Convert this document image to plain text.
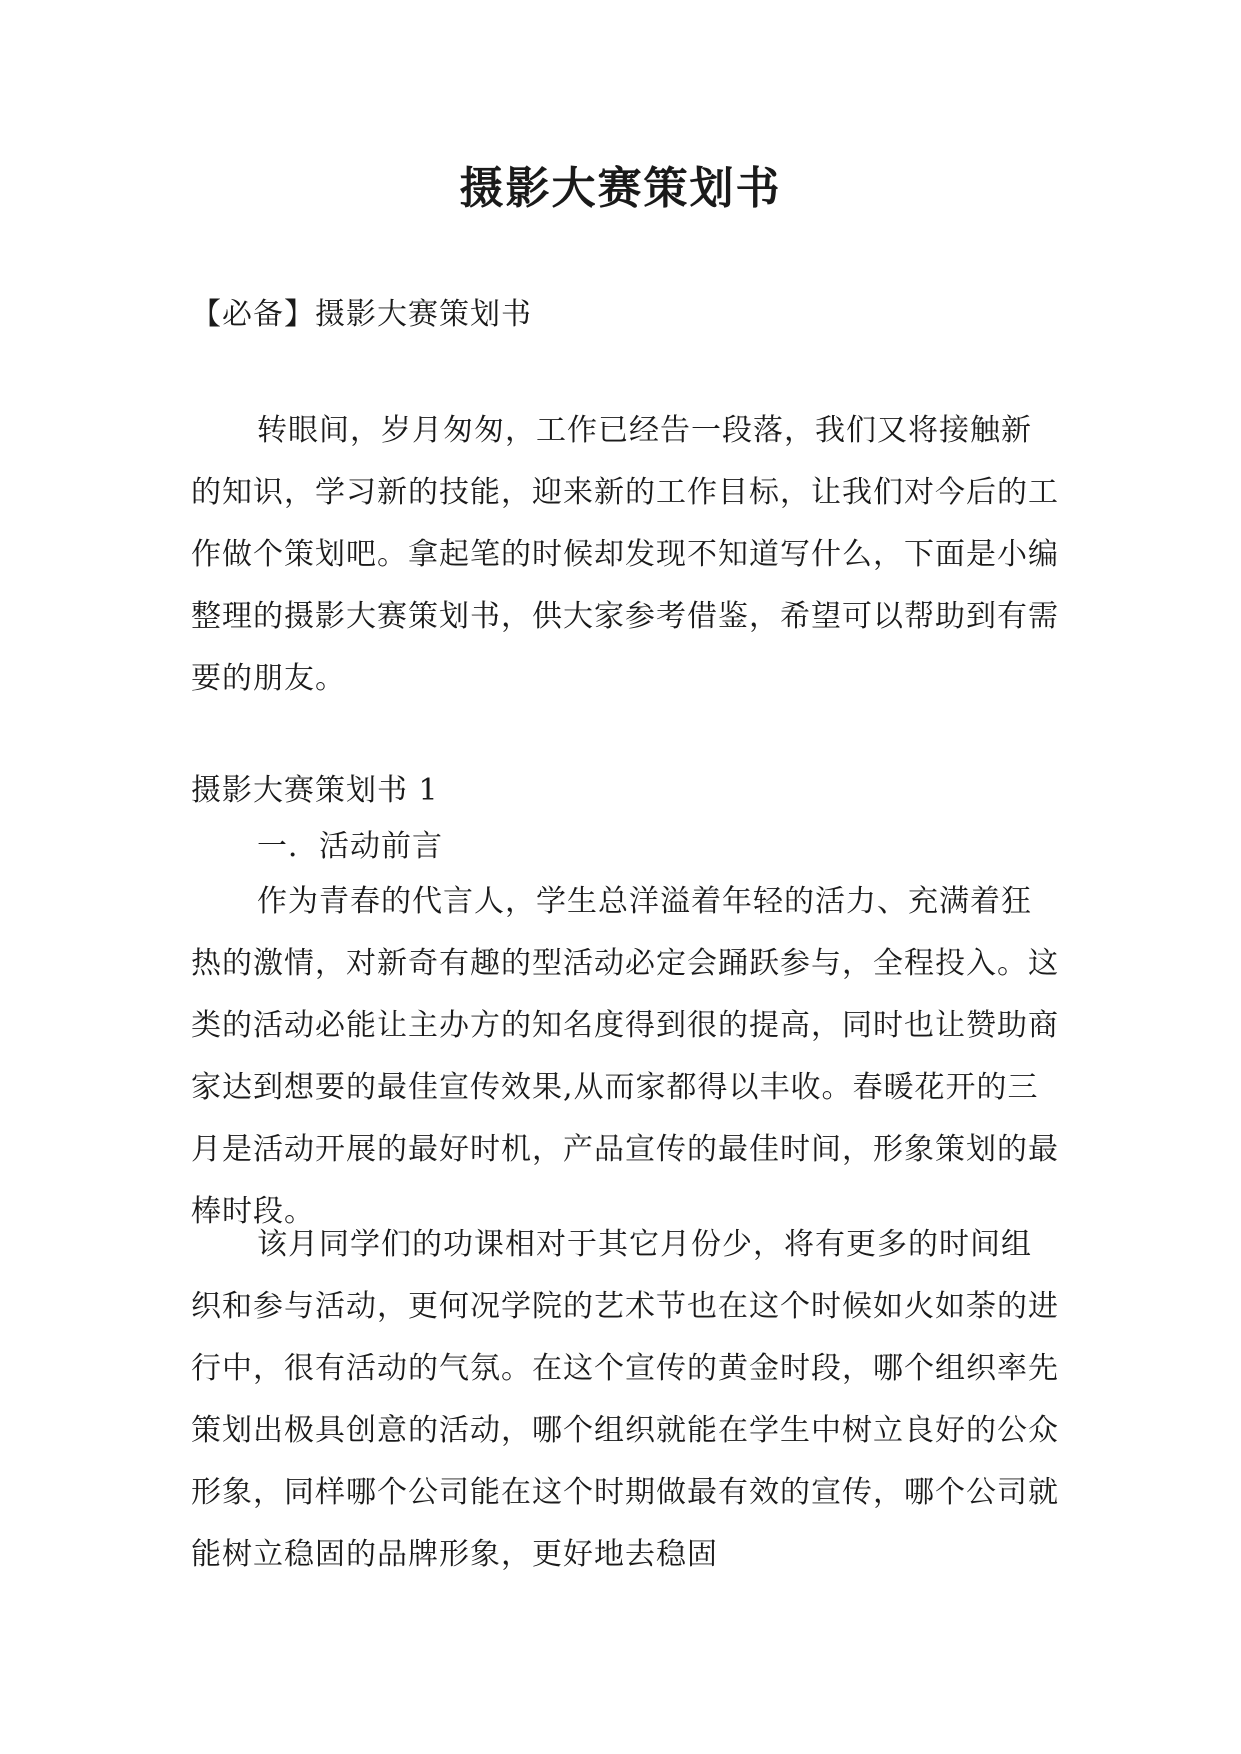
摄影大赛策划书
【必备】摄影大赛策划书
转眼间，岁月匆匆，工作已经告一段落，我们又将接触新的知识，学习新的技能，迎来新的工作目标，让我们对今后的工作做个策划吧。拿起笔的时候却发现不知道写什么，下面是小编整理的摄影大赛策划书，供大家参考借鉴，希望可以帮助到有需要的朋友。
摄影大赛策划书 1
一．活动前言
作为青春的代言人，学生总洋溢着年轻的活力、充满着狂热的激情，对新奇有趣的型活动必定会踊跃参与，全程投入。这类的活动必能让主办方的知名度得到很的提高，同时也让赞助商家达到想要的最佳宣传效果,从而家都得以丰收。春暖花开的三月是活动开展的最好时机，产品宣传的最佳时间，形象策划的最棒时段。
该月同学们的功课相对于其它月份少，将有更多的时间组织和参与活动，更何况学院的艺术节也在这个时候如火如荼的进行中，很有活动的气氛。在这个宣传的黄金时段，哪个组织率先策划出极具创意的活动，哪个组织就能在学生中树立良好的公众形象，同样哪个公司能在这个时期做最有效的宣传，哪个公司就能树立稳固的品牌形象，更好地去稳固
